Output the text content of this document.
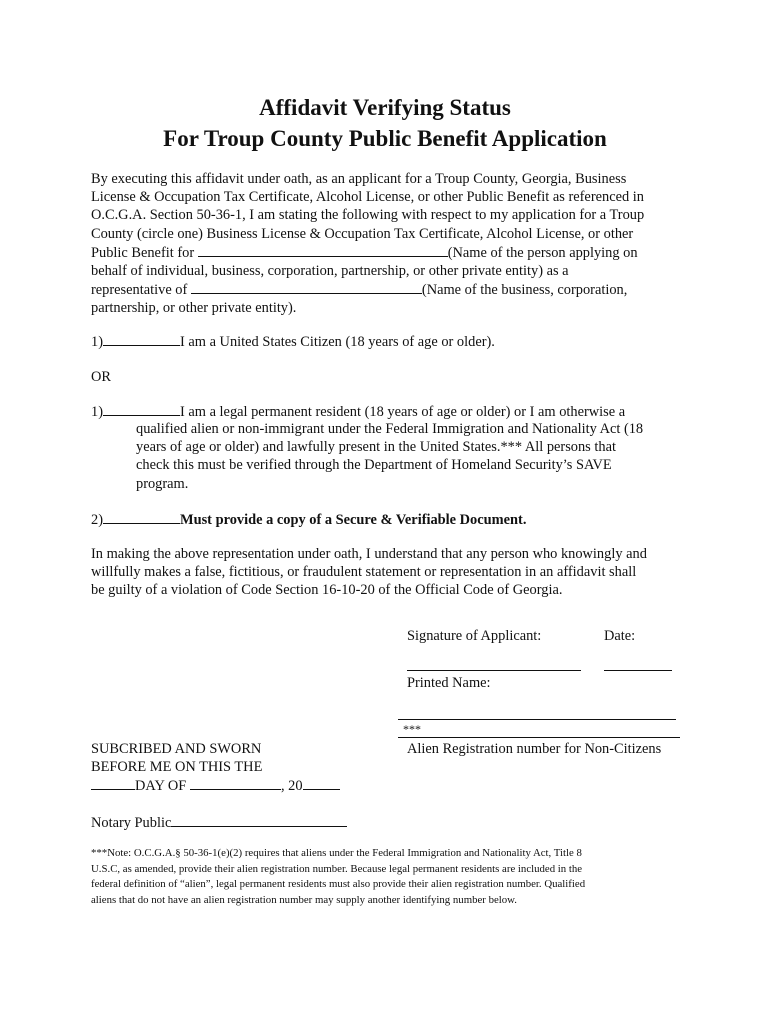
Affidavit Verifying Status
For Troup County Public Benefit Application
By executing this affidavit under oath, as an applicant for a Troup County, Georgia, Business
License & Occupation Tax Certificate, Alcohol License, or other Public Benefit as referenced in
O.C.G.A. Section 50-36-1, I am stating the following with respect to my application for a Troup
County (circle one) Business License & Occupation Tax Certificate, Alcohol License, or other
Public Benefit for	(Name of the person applying on
behalf of individual, business, corporation, partnership, or other private entity) as a
representative of	(Name of the business, corporation,
partnership, or other private entity).
1)	I am a United States Citizen (18 years of age or older).
OR
1)	I am a legal permanent resident (18 years of age or older) or I am otherwise a
qualified alien or non-immigrant under the Federal Immigration and Nationality Act (18
years of age or older) and lawfully present in the United States.*** All persons that
check this must be verified through the Department of Homeland Security’s SAVE
program.
2)	Must provide a copy of a Secure & Verifiable Document.
In making the above representation under oath, I understand that any person who knowingly and
willfully makes a false, fictitious, or fraudulent statement or representation in an affidavit shall
be guilty of a violation of Code Section 16-10-20 of the Official Code of Georgia.
Signature of Applicant:	Date:
Printed Name:
***
Alien Registration number for Non-Citizens
SUBCRIBED AND SWORN
BEFORE ME ON THIS THE
DAY OF	, 20
Notary Public
***Note: O.C.G.A.§ 50-36-1(e)(2) requires that aliens under the Federal Immigration and Nationality Act, Title 8
U.S.C, as amended, provide their alien registration number. Because legal permanent residents are included in the
federal definition of “alien”, legal permanent residents must also provide their alien registration number. Qualified
aliens that do not have an alien registration number may supply another identifying number below.
